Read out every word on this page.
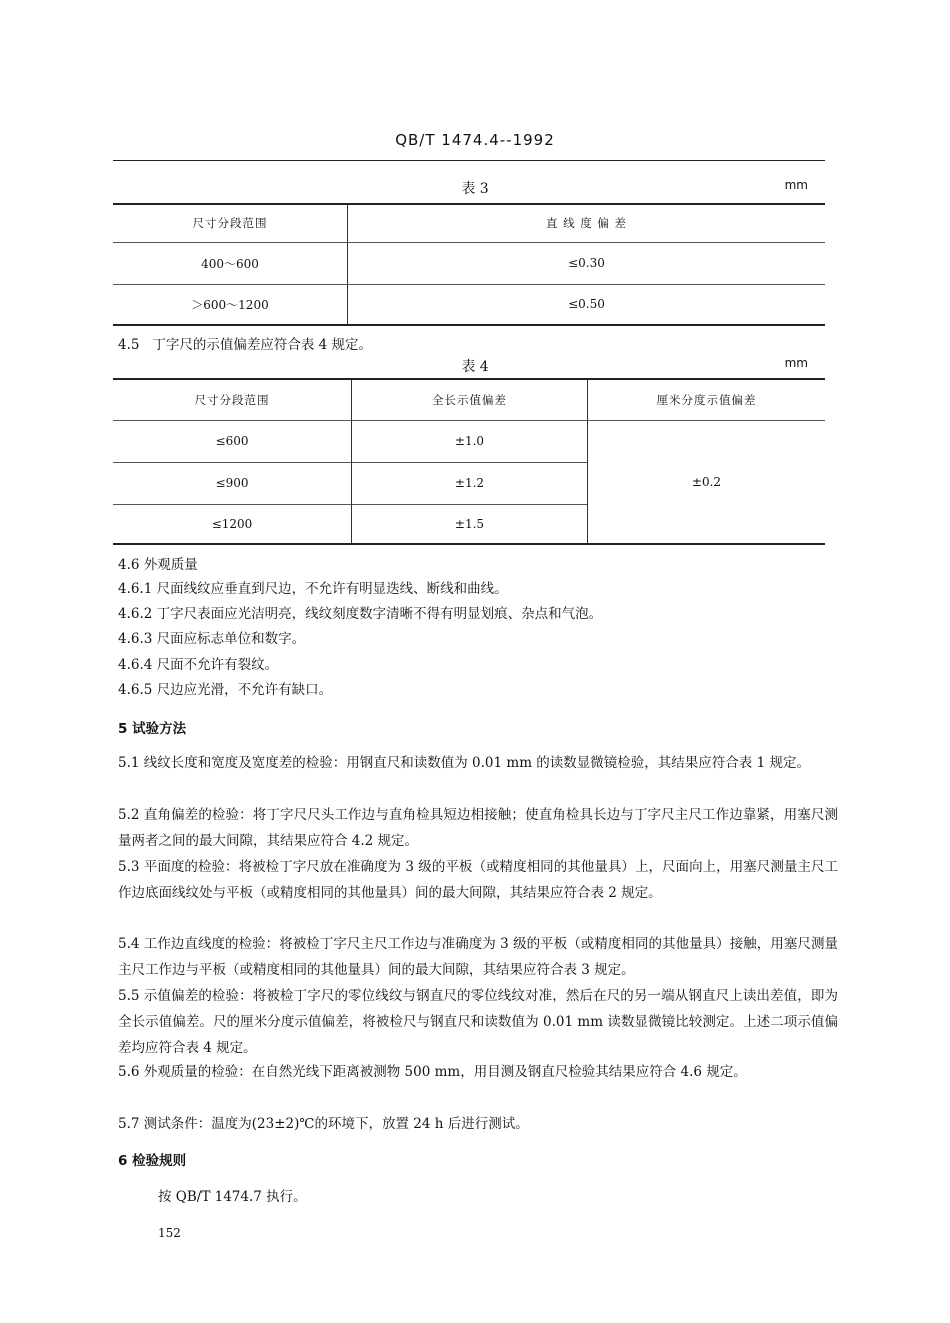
QB/T 1474.4--1992
表 3	mm
尺寸分段范围	直 线 度 偏 差
400～600	≤0.30
＞600～1200	≤0.50
4.5 丁字尺的示值偏差应符合表 4 规定。
表 4	mm
尺寸分段范围	全长示值偏差	厘米分度示值偏差
≤600	±1.0	±0.2
≤900	±1.2	
≤1200	±1.5	
4.6 外观质量
4.6.1 尺面线纹应垂直到尺边，不允许有明显迭线、断线和曲线。
4.6.2 丁字尺表面应光洁明亮，线纹刻度数字清晰不得有明显划痕、杂点和气泡。
4.6.3 尺面应标志单位和数字。
4.6.4 尺面不允许有裂纹。
4.6.5 尺边应光滑，不允许有缺口。
5 试验方法
5.1 线纹长度和宽度及宽度差的检验：用钢直尺和读数值为 0.01 mm 的读数显微镜检验，其结果应符合表 1 规定。
5.2 直角偏差的检验：将丁字尺尺头工作边与直角检具短边相接触；使直角检具长边与丁字尺主尺工作边靠紧，用塞尺测量两者之间的最大间隙，其结果应符合 4.2 规定。
5.3 平面度的检验：将被检丁字尺放在准确度为 3 级的平板（或精度相同的其他量具）上，尺面向上，用塞尺测量主尺工作边底面线纹处与平板（或精度相同的其他量具）间的最大间隙，其结果应符合表 2 规定。
5.4 工作边直线度的检验：将被检丁字尺主尺工作边与准确度为 3 级的平板（或精度相同的其他量具）接触，用塞尺测量主尺工作边与平板（或精度相同的其他量具）间的最大间隙，其结果应符合表 3 规定。
5.5 示值偏差的检验：将被检丁字尺的零位线纹与钢直尺的零位线纹对准，然后在尺的另一端从钢直尺上读出差值，即为全长示值偏差。尺的厘米分度示值偏差，将被检尺与钢直尺和读数值为 0.01 mm 读数显微镜比较测定。上述二项示值偏差均应符合表 4 规定。
5.6 外观质量的检验：在自然光线下距离被测物 500 mm，用目测及钢直尺检验其结果应符合 4.6 规定。
5.7 测试条件：温度为(23±2)℃的环境下，放置 24 h 后进行测试。
6 检验规则
按 QB/T 1474.7 执行。
152
